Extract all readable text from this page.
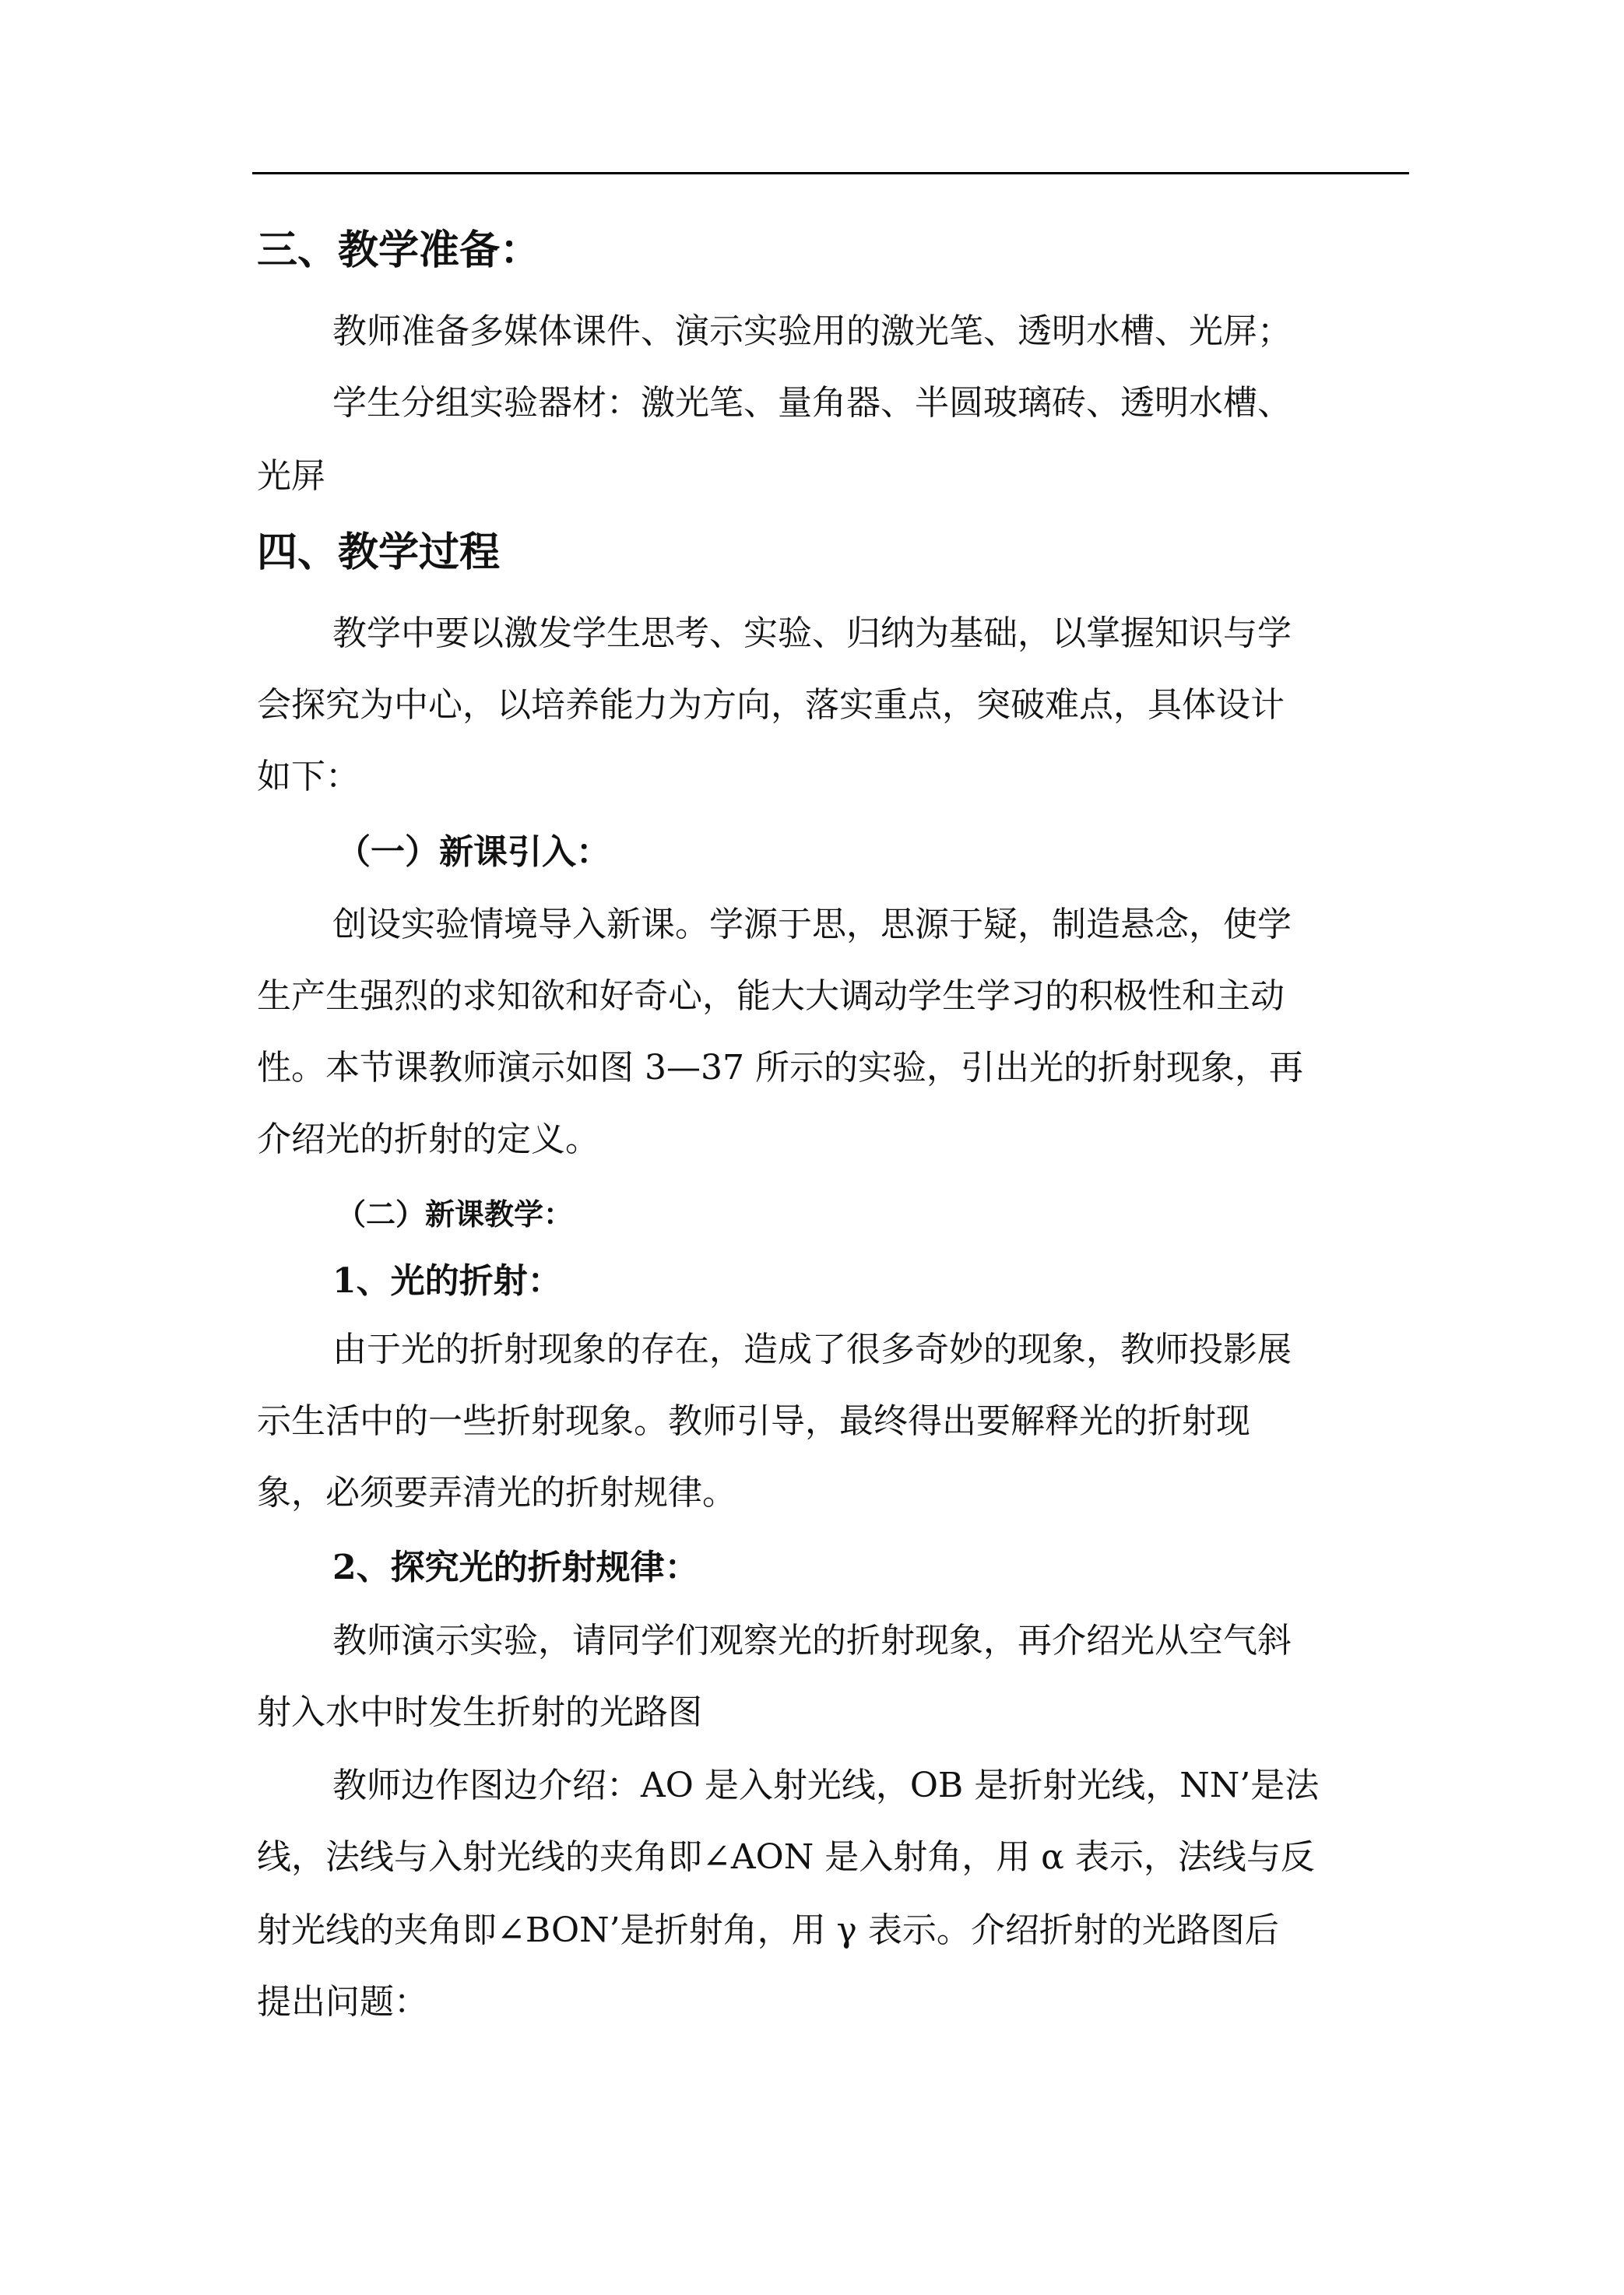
三、教学准备：
教师准备多媒体课件、演示实验用的激光笔、透明水槽、光屏；
学生分组实验器材：激光笔、量角器、半圆玻璃砖、透明水槽、
光屏
四、教学过程
教学中要以激发学生思考、实验、归纳为基础，以掌握知识与学
会探究为中心，以培养能力为方向，落实重点，突破难点，具体设计
如下：
（一）新课引入：
创设实验情境导入新课。学源于思，思源于疑，制造悬念，使学
生产生强烈的求知欲和好奇心，能大大调动学生学习的积极性和主动
性。本节课教师演示如图 3—37 所示的实验，引出光的折射现象，再
介绍光的折射的定义。
（二）新课教学：
1、光的折射：
由于光的折射现象的存在，造成了很多奇妙的现象，教师投影展
示生活中的一些折射现象。教师引导，最终得出要解释光的折射现
象，必须要弄清光的折射规律。
2、探究光的折射规律：
教师演示实验，请同学们观察光的折射现象，再介绍光从空气斜
射入水中时发生折射的光路图
教师边作图边介绍：AO 是入射光线，OB 是折射光线，NN’是法
线，法线与入射光线的夹角即∠AON 是入射角，用 α 表示，法线与反
射光线的夹角即∠BON’是折射角，用 γ 表示。介绍折射的光路图后
提出问题：
